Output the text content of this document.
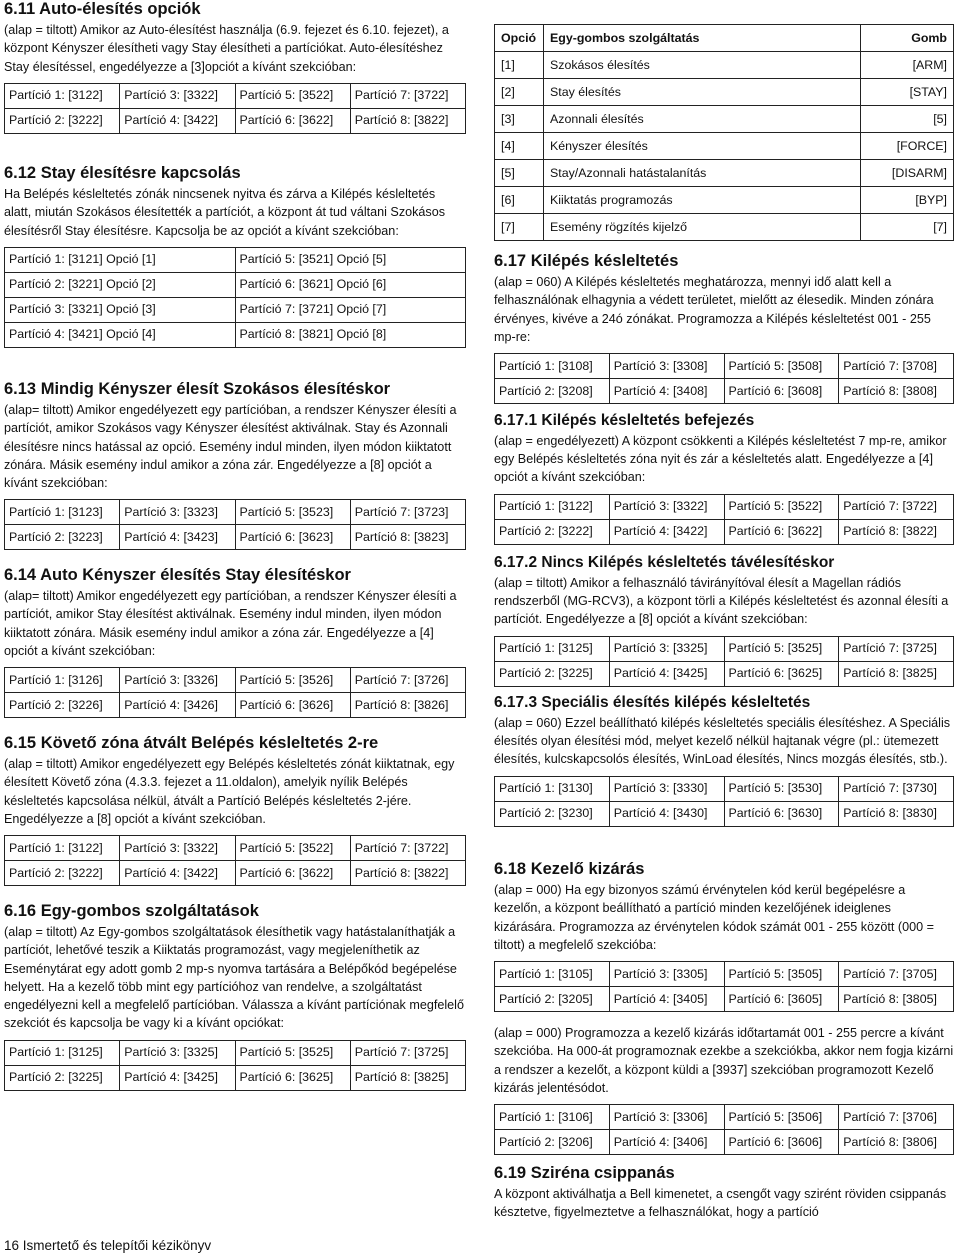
6.11 Auto-élesítés opciók

(alap = tiltott) Amikor az Auto-élesítést használja (6.9. fejezet és 6.10. fejezet), a központ Kényszer élesítheti vagy Stay élesítheti a partíciókat. Auto-élesítéshez Stay élesítéssel, engedélyezze a [3]opciót a kívánt szekcióban:

Partíció 1: [3122]	Partíció 3: [3322]	Partíció 5: [3522]	Partíció 7: [3722]
Partíció 2: [3222]	Partíció 4: [3422]	Partíció 6: [3622]	Partíció 8: [3822]
6.12 Stay élesítésre kapcsolás

Ha Belépés késleltetés zónák nincsenek nyitva és zárva a Kilépés késleltetés alatt, miután Szokásos élesítették a partíciót, a központ át tud váltani Szokásos élesítésről Stay élesítésre. Kapcsolja be az opciót a kívánt szekcióban:

Partíció 1: [3121] Opció [1]	Partíció 5: [3521] Opció [5]
Partíció 2: [3221] Opció [2]	Partíció 6: [3621] Opció [6]
Partíció 3: [3321] Opció [3]	Partíció 7: [3721] Opció [7]
Partíció 4: [3421] Opció [4]	Partíció 8: [3821] Opció [8]
6.13 Mindig Kényszer élesít Szokásos élesítéskor

(alap= tiltott) Amikor engedélyezett egy partícióban, a rendszer Kényszer élesíti a partíciót, amikor Szokásos vagy Kényszer élesítést aktiválnak. Stay és Azonnali élesítésre nincs hatással az opció. Esemény indul minden, ilyen módon kiiktatott zónára. Másik esemény indul amikor a zóna zár. Engedélyezze a [8] opciót a kívánt szekcióban:

Partíció 1: [3123]	Partíció 3: [3323]	Partíció 5: [3523]	Partíció 7: [3723]
Partíció 2: [3223]	Partíció 4: [3423]	Partíció 6: [3623]	Partíció 8: [3823]
6.14 Auto Kényszer élesítés Stay élesítéskor

(alap= tiltott) Amikor engedélyezett egy partícióban, a rendszer Kényszer élesíti a partíciót, amikor Stay élesítést aktiválnak. Esemény indul minden, ilyen módon kiiktatott zónára. Másik esemény indul amikor a zóna zár. Engedélyezze a [4] opciót a kívánt szekcióban:

Partíció 1: [3126]	Partíció 3: [3326]	Partíció 5: [3526]	Partíció 7: [3726]
Partíció 2: [3226]	Partíció 4: [3426]	Partíció 6: [3626]	Partíció 8: [3826]
6.15 Követő zóna átvált Belépés késleltetés 2-re

(alap = tiltott) Amikor engedélyezett egy Belépés késleltetés zónát kiiktatnak, egy élesített Követő zóna (4.3.3. fejezet a 11.oldalon), amelyik nyílik Belépés késleltetés kapcsolása nélkül, átvált a Partíció Belépés késleltetés 2-jére. Engedélyezze a [8] opciót a kívánt szekcióban.

Partíció 1: [3122]	Partíció 3: [3322]	Partíció 5: [3522]	Partíció 7: [3722]
Partíció 2: [3222]	Partíció 4: [3422]	Partíció 6: [3622]	Partíció 8: [3822]
6.16 Egy-gombos szolgáltatások

(alap = tiltott) Az Egy-gombos szolgáltatások élesíthetik vagy hatástalaníthatják a partíciót, lehetővé teszik a Kiiktatás programozást, vagy megjeleníthetik az Eseménytárat egy adott gomb 2 mp-s nyomva tartására a Belépőkód begépelése helyett. Ha a kezelő több mint egy partícióhoz van rendelve, a szolgáltatást engedélyezni kell a megfelelő partícióban. Válassza a kívánt partíciónak megfelelő szekciót és kapcsolja be vagy ki a kívánt opciókat:

Partíció 1: [3125]	Partíció 3: [3325]	Partíció 5: [3525]	Partíció 7: [3725]
Partíció 2: [3225]	Partíció 4: [3425]	Partíció 6: [3625]	Partíció 8: [3825]
Opció	Egy-gombos szolgáltatás	Gomb
[1]	Szokásos élesítés	[ARM]
[2]	Stay élesítés	[STAY]
[3]	Azonnali élesítés	[5]
[4]	Kényszer élesítés	[FORCE]
[5]	Stay/Azonnali hatástalanítás	[DISARM]
[6]	Kiiktatás programozás	[BYP]
[7]	Esemény rögzítés kijelző	[7]
6.17 Kilépés késleltetés

(alap = 060) A Kilépés késleltetés meghatározza, mennyi idő alatt kell a felhasználónak elhagynia a védett területet, mielőtt az élesedik. Minden zónára érvényes, kivéve a 24ó zónákat. Programozza a Kilépés késleltetést 001 - 255 mp-re:

Partíció 1: [3108]	Partíció 3: [3308]	Partíció 5: [3508]	Partíció 7: [3708]
Partíció 2: [3208]	Partíció 4: [3408]	Partíció 6: [3608]	Partíció 8: [3808]
6.17.1 Kilépés késleltetés befejezés

(alap = engedélyezett) A központ csökkenti a Kilépés késleltetést 7 mp-re, amikor egy Belépés késleltetés zóna nyit és zár a késleltetés alatt. Engedélyezze a [4] opciót a kívánt szekcióban:

Partíció 1: [3122]	Partíció 3: [3322]	Partíció 5: [3522]	Partíció 7: [3722]
Partíció 2: [3222]	Partíció 4: [3422]	Partíció 6: [3622]	Partíció 8: [3822]
6.17.2 Nincs Kilépés késleltetés távélesítéskor

(alap = tiltott) Amikor a felhasználó távirányítóval élesít a Magellan rádiós rendszerből (MG-RCV3), a központ törli a Kilépés késleltetést és azonnal élesíti a partíciót. Engedélyezze a [8] opciót a kívánt szekcióban:

Partíció 1: [3125]	Partíció 3: [3325]	Partíció 5: [3525]	Partíció 7: [3725]
Partíció 2: [3225]	Partíció 4: [3425]	Partíció 6: [3625]	Partíció 8: [3825]
6.17.3 Speciális élesítés kilépés késleltetés

(alap = 060) Ezzel beállítható kilépés késleltetés speciális élesítéshez. A Speciális élesítés olyan élesítési mód, melyet kezelő nélkül hajtanak végre (pl.: ütemezett élesítés, kulcskapcsolós élesítés, WinLoad élesítés, Nincs mozgás élesítés, stb.).

Partíció 1: [3130]	Partíció 3: [3330]	Partíció 5: [3530]	Partíció 7: [3730]
Partíció 2: [3230]	Partíció 4: [3430]	Partíció 6: [3630]	Partíció 8: [3830]
6.18 Kezelő kizárás

(alap = 000) Ha egy bizonyos számú érvénytelen kód kerül begépelésre a kezelőn, a központ beállítható a partíció minden kezelőjének ideiglenes kizárására. Programozza az érvénytelen kódok számát 001 - 255 között (000 = tiltott) a megfelelő szekcióba:

Partíció 1: [3105]	Partíció 3: [3305]	Partíció 5: [3505]	Partíció 7: [3705]
Partíció 2: [3205]	Partíció 4: [3405]	Partíció 6: [3605]	Partíció 8: [3805]

(alap = 000) Programozza a kezelő kizárás időtartamát 001 - 255 percre a kívánt szekcióba. Ha 000-át programoznak ezekbe a szekciókba, akkor nem fogja kizárni a rendszer a kezelőt, a központ küldi a [3937] szekcióban programozott Kezelő kizárás jelentésódot.

Partíció 1: [3106]	Partíció 3: [3306]	Partíció 5: [3506]	Partíció 7: [3706]
Partíció 2: [3206]	Partíció 4: [3406]	Partíció 6: [3606]	Partíció 8: [3806]
6.19 Sziréna csippanás

A központ aktiválhatja a Bell kimenetet, a csengőt vagy szirént röviden csippanás késztetve, figyelmeztetve a felhasználókat, hogy a partíció

16 Ismertető és telepítői kézikönyv
